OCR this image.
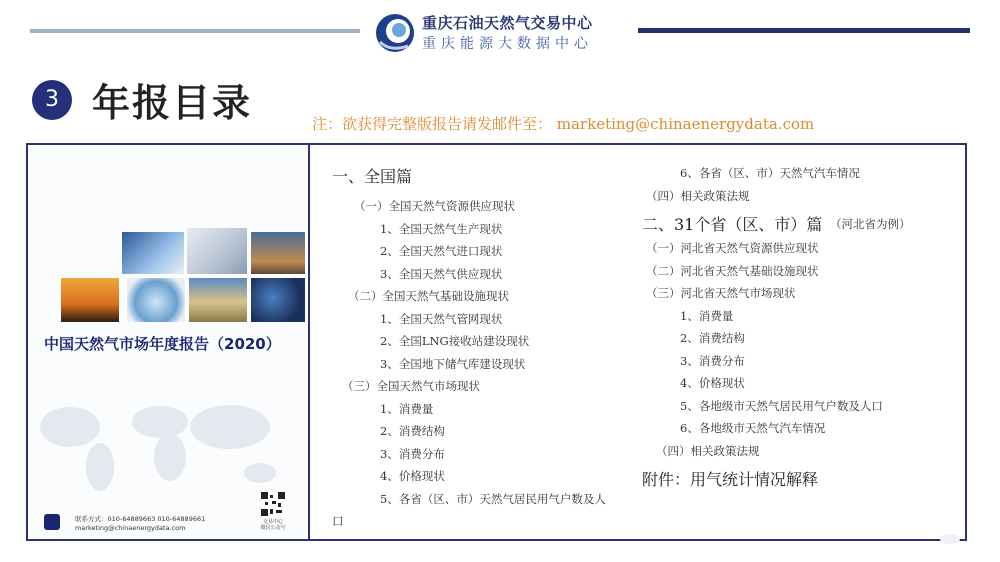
重庆石油天然气交易中心
重庆能源大数据中心
3 年报目录	注：欲获得完整版报告请发邮件至： marketing@chinaenergydata.com
中国天然气市场年度报告（2020）
联系方式：010-64889663 010-64889661
marketing@chinaenergydata.com
交易中心
微信公众号
一、全国篇
（一）全国天然气资源供应现状
1、全国天然气生产现状
2、全国天然气进口现状
3、全国天然气供应现状
（二）全国天然气基础设施现状
1、全国天然气管网现状
2、全国LNG接收站建设现状
3、全国地下储气库建设现状
（三）全国天然气市场现状
1、消费量
2、消费结构
3、消费分布
4、价格现状
5、各省（区、市）天然气居民用气户数及人
口
6、各省（区、市）天然气汽车情况
（四）相关政策法规
二、31个省（区、市）篇 （河北省为例）
（一）河北省天然气资源供应现状
（二）河北省天然气基础设施现状
（三）河北省天然气市场现状
1、消费量
2、消费结构
3、消费分布
4、价格现状
5、各地级市天然气居民用气户数及人口
6、各地级市天然气汽车情况
（四）相关政策法规
附件：用气统计情况解释
